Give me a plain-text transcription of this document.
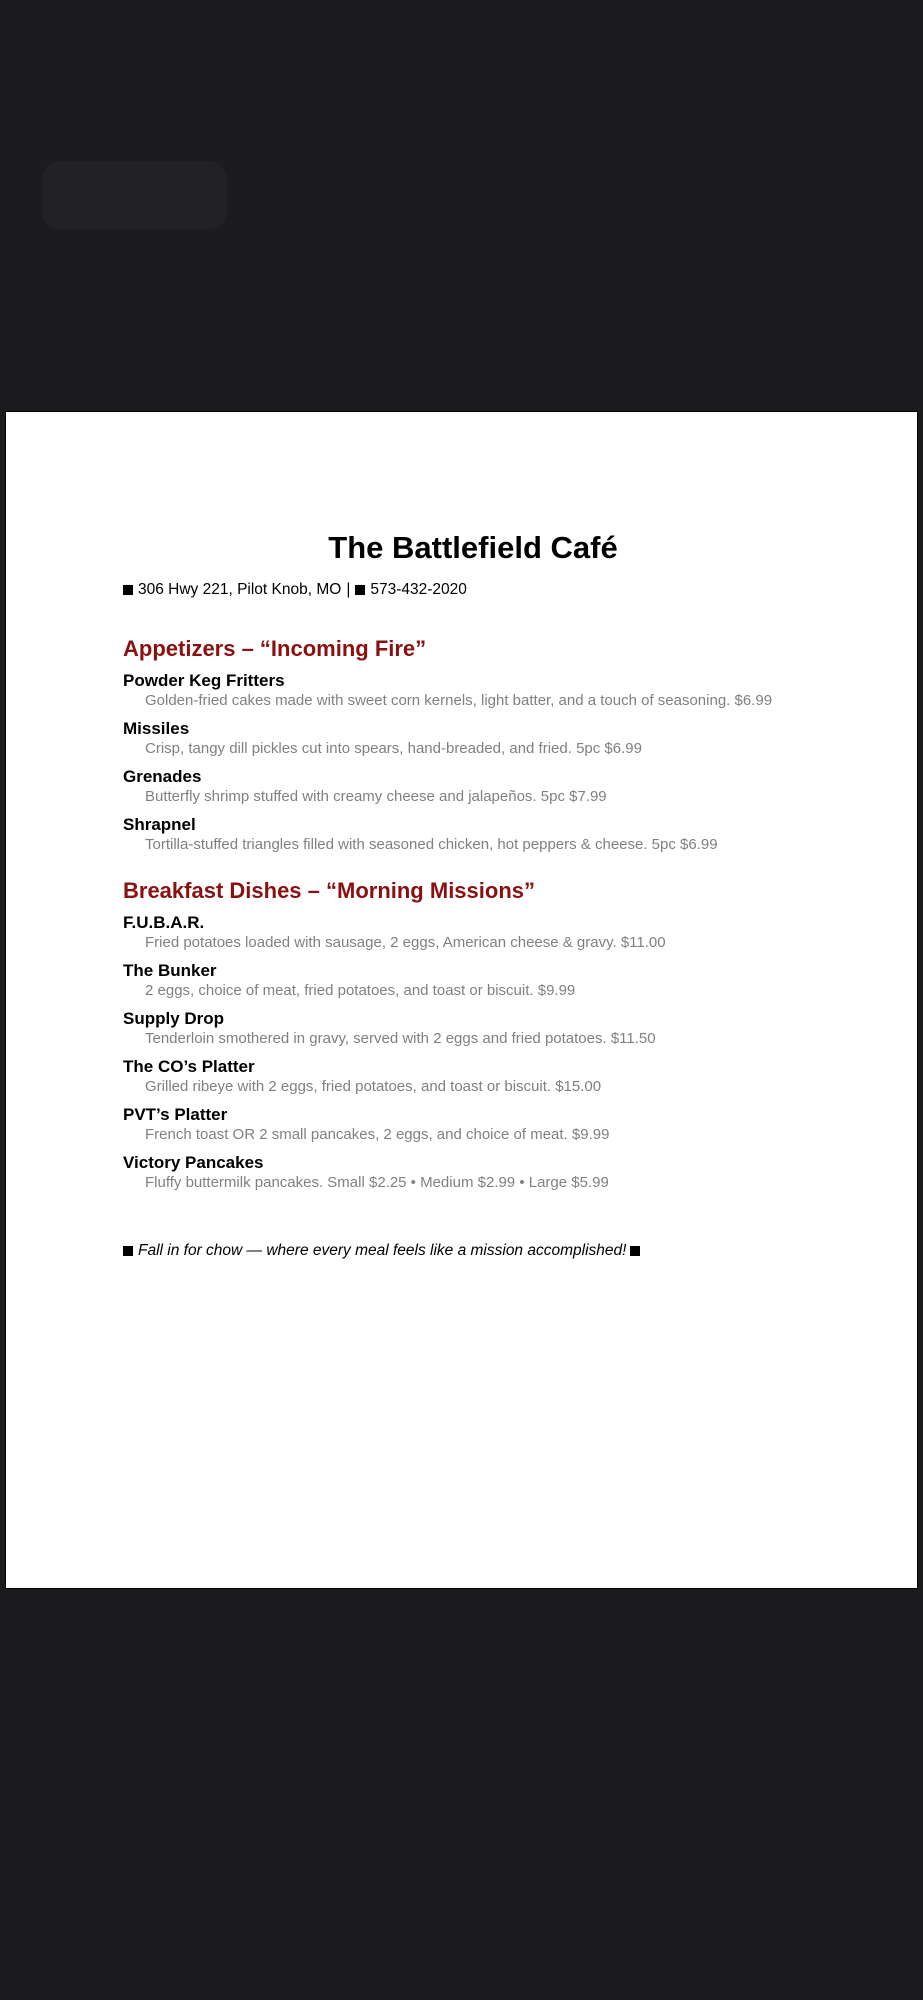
The Battlefield Café
306 Hwy 221, Pilot Knob, MO | 573-432-2020
Appetizers – “Incoming Fire”
Powder Keg Fritters
Golden-fried cakes made with sweet corn kernels, light batter, and a touch of seasoning. $6.99
Missiles
Crisp, tangy dill pickles cut into spears, hand-breaded, and fried. 5pc $6.99
Grenades
Butterfly shrimp stuffed with creamy cheese and jalapeños. 5pc $7.99
Shrapnel
Tortilla-stuffed triangles filled with seasoned chicken, hot peppers & cheese. 5pc $6.99
Breakfast Dishes – “Morning Missions”
F.U.B.A.R.
Fried potatoes loaded with sausage, 2 eggs, American cheese & gravy. $11.00
The Bunker
2 eggs, choice of meat, fried potatoes, and toast or biscuit. $9.99
Supply Drop
Tenderloin smothered in gravy, served with 2 eggs and fried potatoes. $11.50
The CO’s Platter
Grilled ribeye with 2 eggs, fried potatoes, and toast or biscuit. $15.00
PVT’s Platter
French toast OR 2 small pancakes, 2 eggs, and choice of meat. $9.99
Victory Pancakes
Fluffy buttermilk pancakes. Small $2.25 • Medium $2.99 • Large $5.99
Fall in for chow — where every meal feels like a mission accomplished!
